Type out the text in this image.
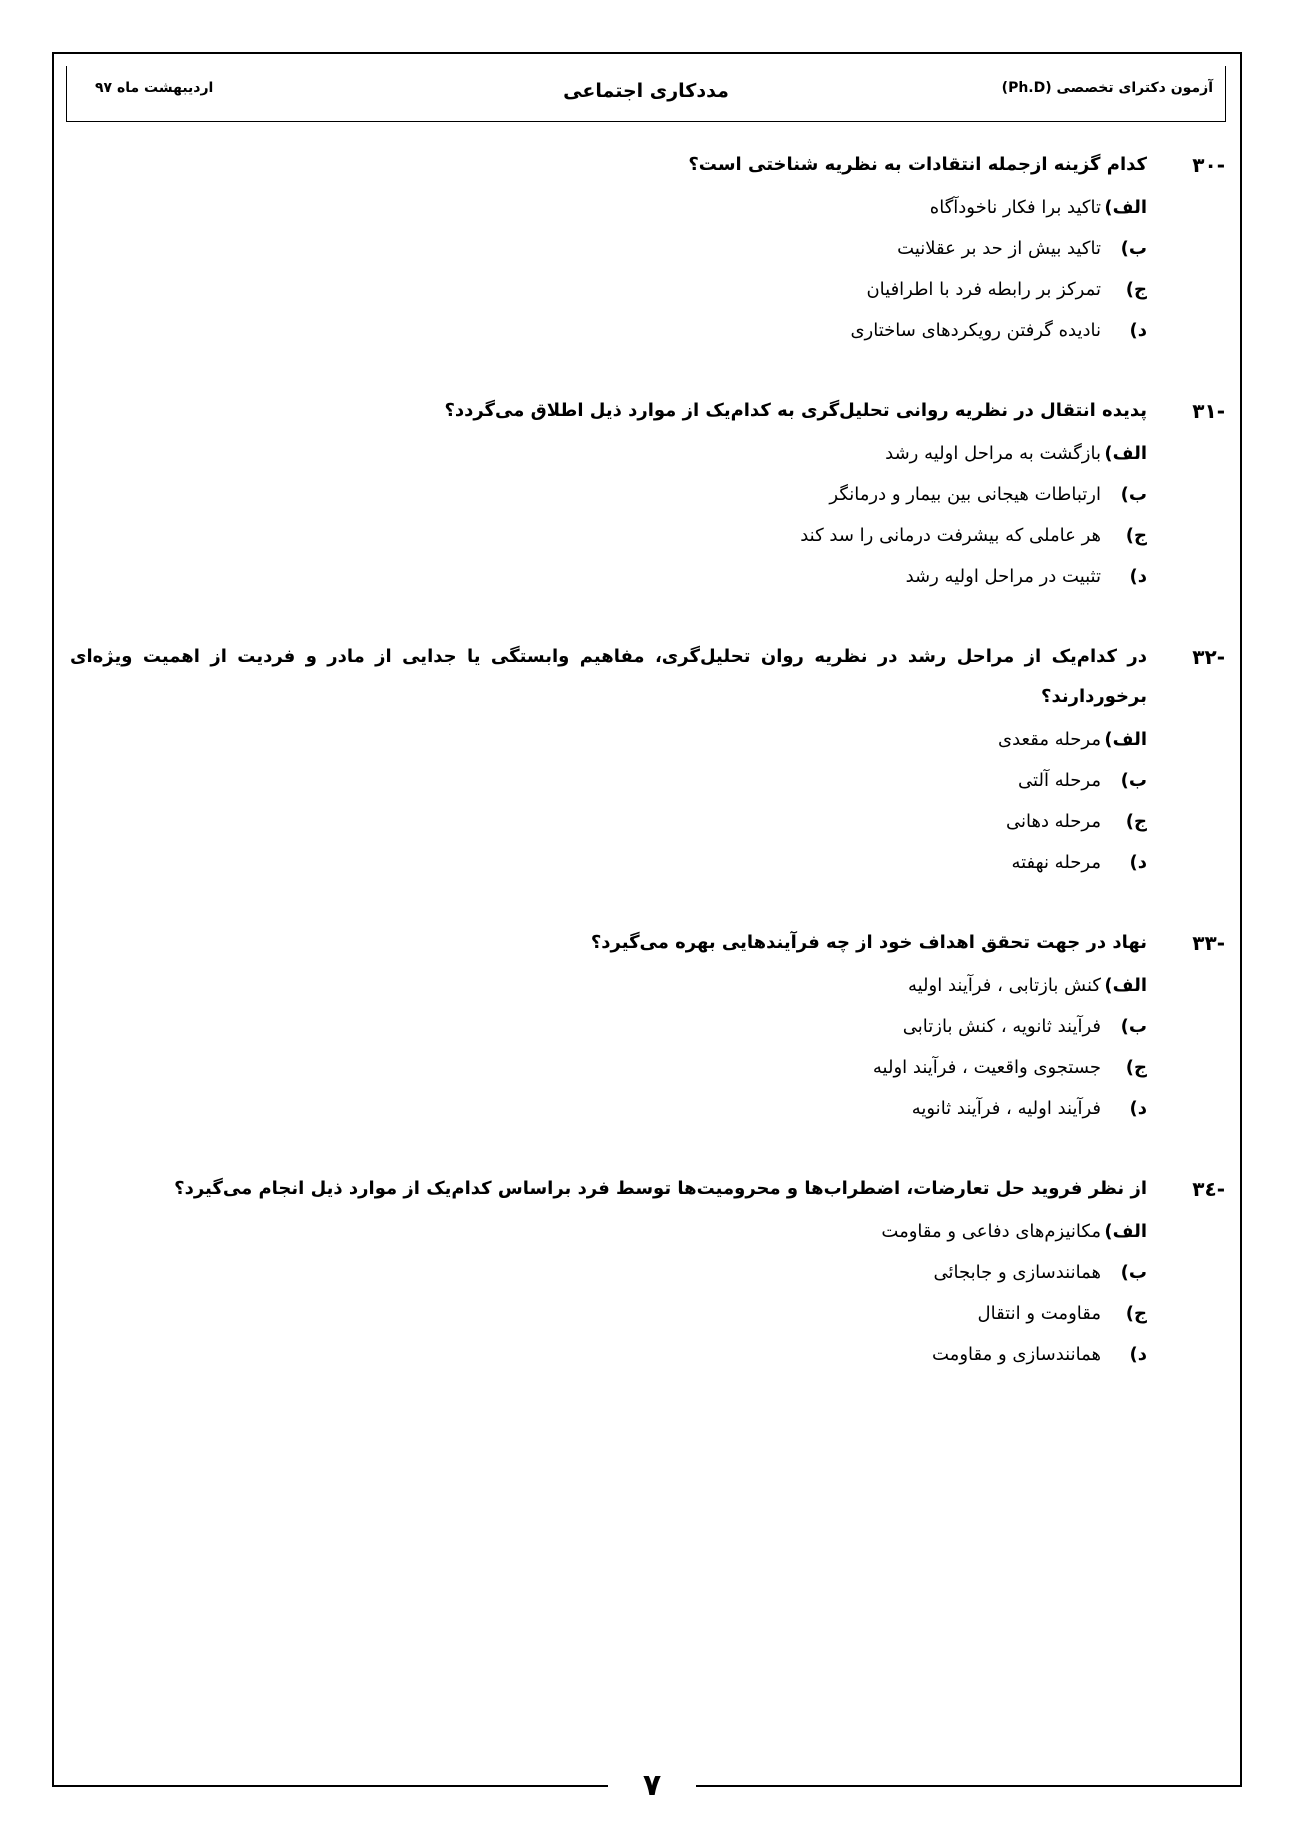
۷
آزمون دکترای تخصصی (Ph.D)
مددکاری اجتماعی
اردیبهشت ماه ۹۷
-۳۰
کدام گزینه ازجمله انتقادات به نظریه شناختی است؟
الف)
تاکید برا فکار ناخودآگاه
ب)
تاکید بیش از حد بر عقلانیت
ج)
تمرکز بر رابطه فرد با اطرافیان
د)
نادیده گرفتن رویکردهای ساختاری
-۳۱
پدیده انتقال در نظریه روانی تحلیل‌گری به کدام‌یک از موارد ذیل اطلاق می‌گردد؟
الف)
بازگشت به مراحل اولیه رشد
ب)
ارتباطات هیجانی بین بیمار و درمانگر
ج)
هر عاملی که بیشرفت درمانی را سد کند
د)
تثبیت در مراحل اولیه رشد
-۳۲
در کدام‌یک از مراحل رشد در نظریه روان تحلیل‌گری، مفاهیم وابستگی یا جدایی از مادر و فردیت از اهمیت ویژه‌ای برخوردارند؟
الف)
مرحله مقعدی
ب)
مرحله آلتی
ج)
مرحله دهانی
د)
مرحله نهفته
-۳۳
نهاد در جهت تحقق اهداف خود از چه فرآیندهایی بهره می‌گیرد؟
الف)
کنش بازتابی ، فرآیند اولیه
ب)
فرآیند ثانویه ، کنش بازتابی
ج)
جستجوی واقعیت ، فرآیند اولیه
د)
فرآیند اولیه ، فرآیند ثانویه
-۳٤
از نظر فروید حل تعارضات، اضطراب‌ها و محرومیت‌ها توسط فرد براساس کدام‌یک از موارد ذیل انجام می‌گیرد؟
الف)
مکانیزم‌های دفاعی و مقاومت
ب)
همانندسازی و جابجائی
ج)
مقاومت و انتقال
د)
همانندسازی و مقاومت
